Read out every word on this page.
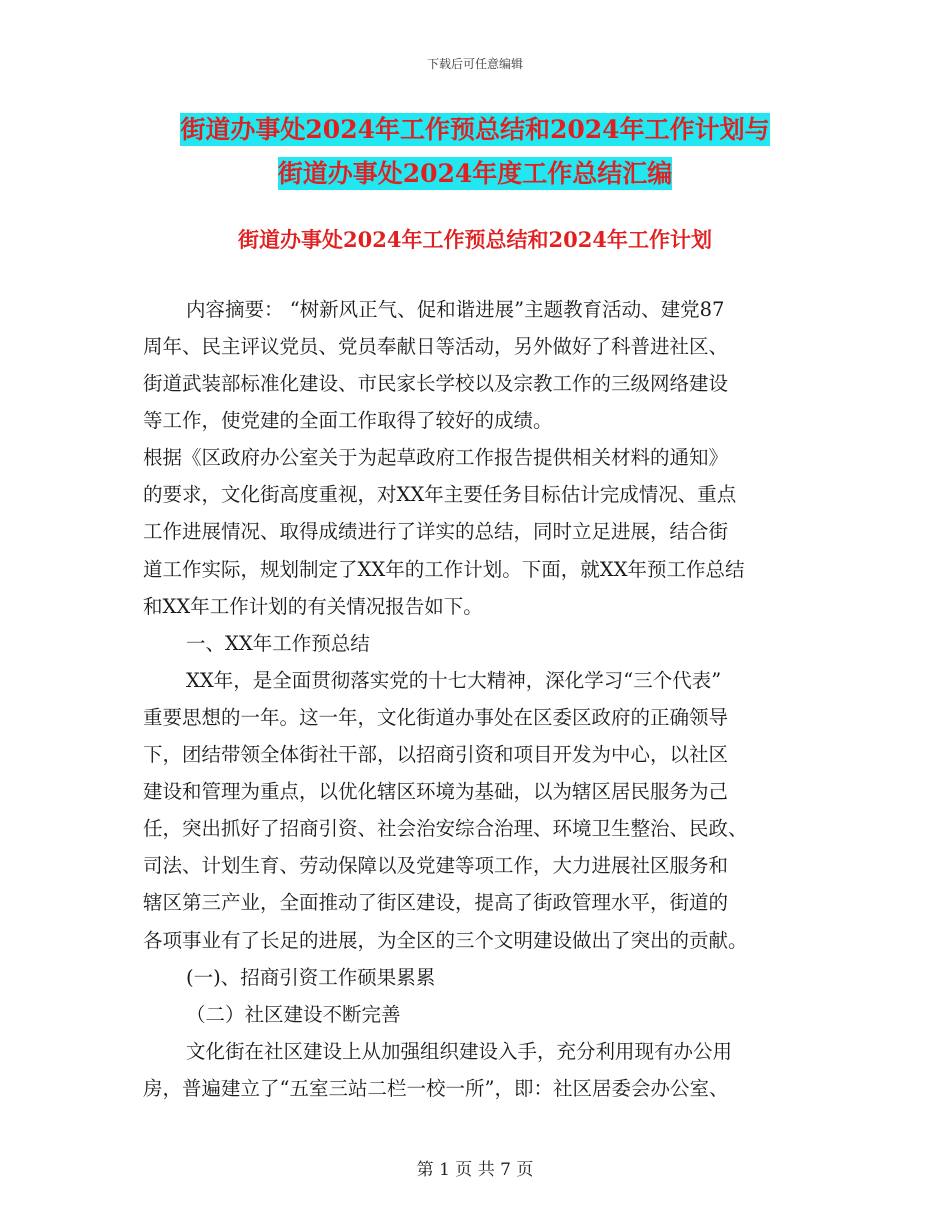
下载后可任意编辑
街道办事处2024年工作预总结和2024年工作计划与
街道办事处2024年度工作总结汇编
街道办事处2024年工作预总结和2024年工作计划
内容摘要： “树新风正气、促和谐进展”主题教育活动、建党87
周年、民主评议党员、党员奉献日等活动，另外做好了科普进社区、
街道武装部标准化建设、市民家长学校以及宗教工作的三级网络建设
等工作，使党建的全面工作取得了较好的成绩。
根据《区政府办公室关于为起草政府工作报告提供相关材料的通知》
的要求，文化街高度重视，对XX年主要任务目标估计完成情况、重点
工作进展情况、取得成绩进行了详实的总结，同时立足进展，结合街
道工作实际，规划制定了XX年的工作计划。下面，就XX年预工作总结
和XX年工作计划的有关情况报告如下。
一、XX年工作预总结
XX年，是全面贯彻落实党的十七大精神，深化学习“三个代表”
重要思想的一年。这一年，文化街道办事处在区委区政府的正确领导
下，团结带领全体街社干部，以招商引资和项目开发为中心，以社区
建设和管理为重点，以优化辖区环境为基础，以为辖区居民服务为己
任，突出抓好了招商引资、社会治安综合治理、环境卫生整治、民政、
司法、计划生育、劳动保障以及党建等项工作，大力进展社区服务和
辖区第三产业，全面推动了街区建设，提高了街政管理水平，街道的
各项事业有了长足的进展，为全区的三个文明建设做出了突出的贡献。
(一)、招商引资工作硕果累累
（二）社区建设不断完善
文化街在社区建设上从加强组织建设入手，充分利用现有办公用
房，普遍建立了“五室三站二栏一校一所”，即：社区居委会办公室、
第 1 页 共 7 页
